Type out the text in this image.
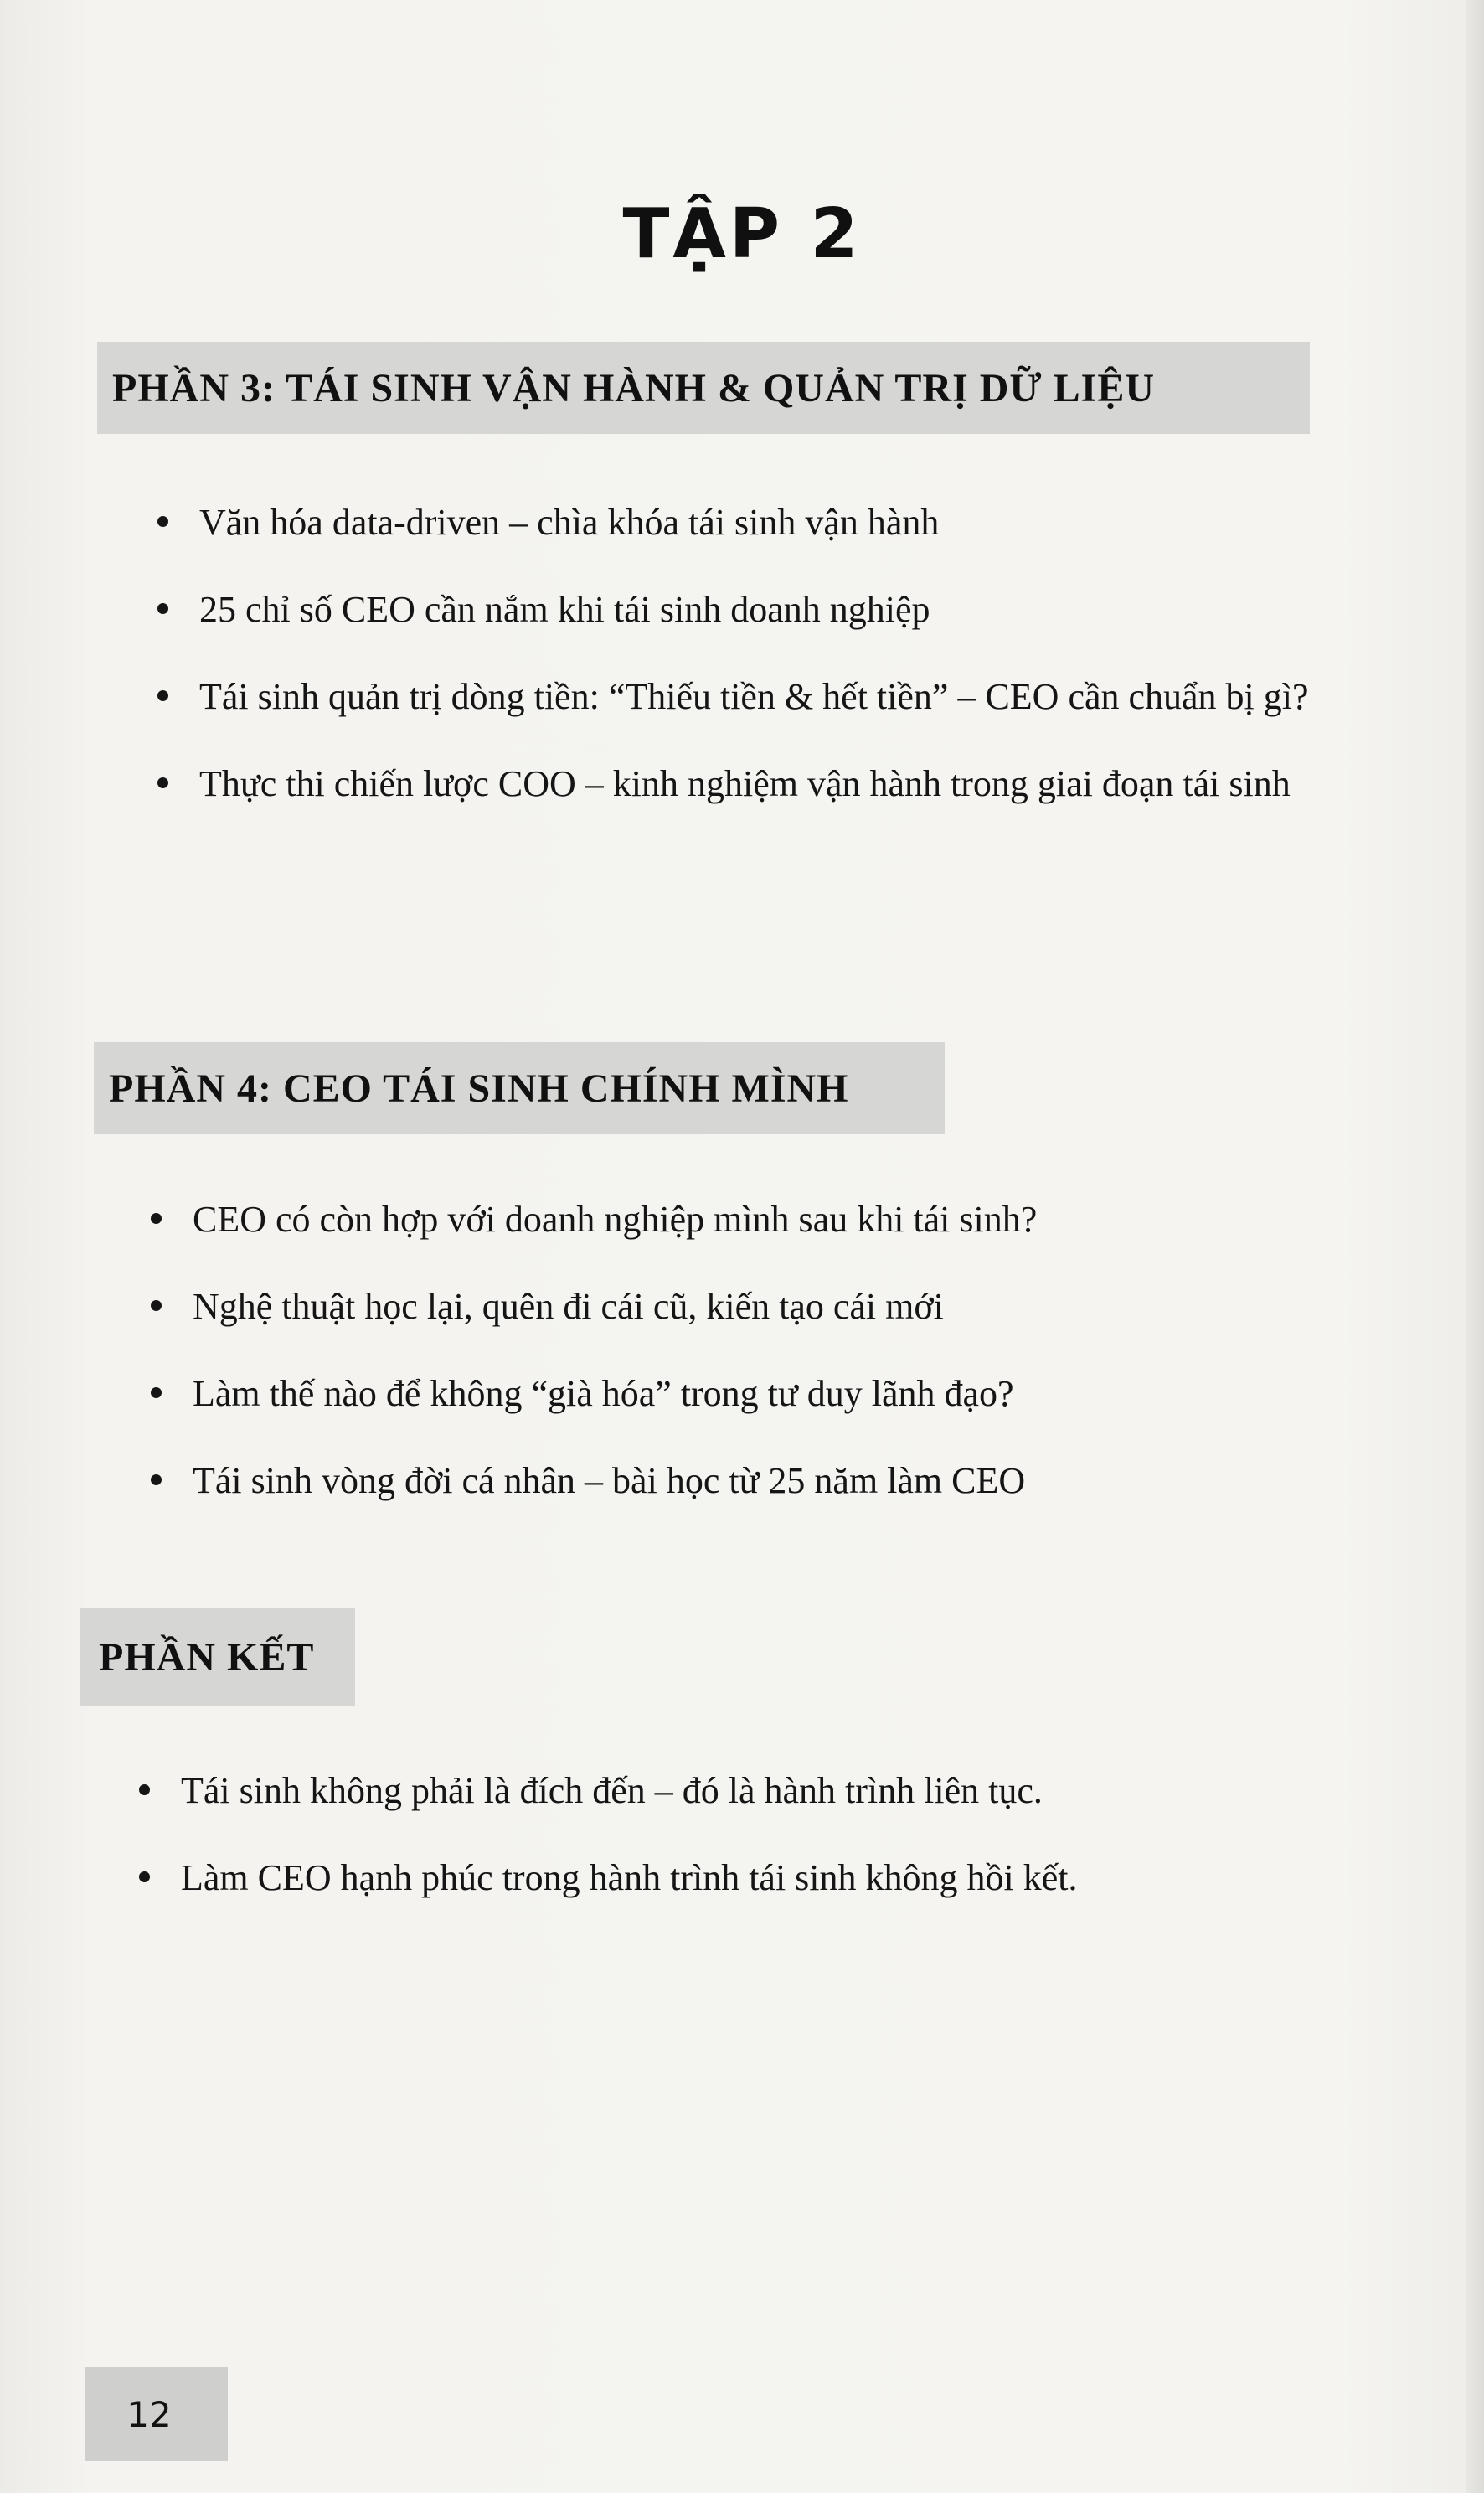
TẬP 2
PHẦN 3: TÁI SINH VẬN HÀNH & QUẢN TRỊ DỮ LIỆU
Văn hóa data-driven – chìa khóa tái sinh vận hành
25 chỉ số CEO cần nắm khi tái sinh doanh nghiệp
Tái sinh quản trị dòng tiền: “Thiếu tiền & hết tiền” – CEO cần chuẩn bị gì?
Thực thi chiến lược COO – kinh nghiệm vận hành trong giai đoạn tái sinh
PHẦN 4: CEO TÁI SINH CHÍNH MÌNH
CEO có còn hợp với doanh nghiệp mình sau khi tái sinh?
Nghệ thuật học lại, quên đi cái cũ, kiến tạo cái mới
Làm thế nào để không “già hóa” trong tư duy lãnh đạo?
Tái sinh vòng đời cá nhân – bài học từ 25 năm làm CEO
PHẦN KẾT
Tái sinh không phải là đích đến – đó là hành trình liên tục.
Làm CEO hạnh phúc trong hành trình tái sinh không hồi kết.
12
